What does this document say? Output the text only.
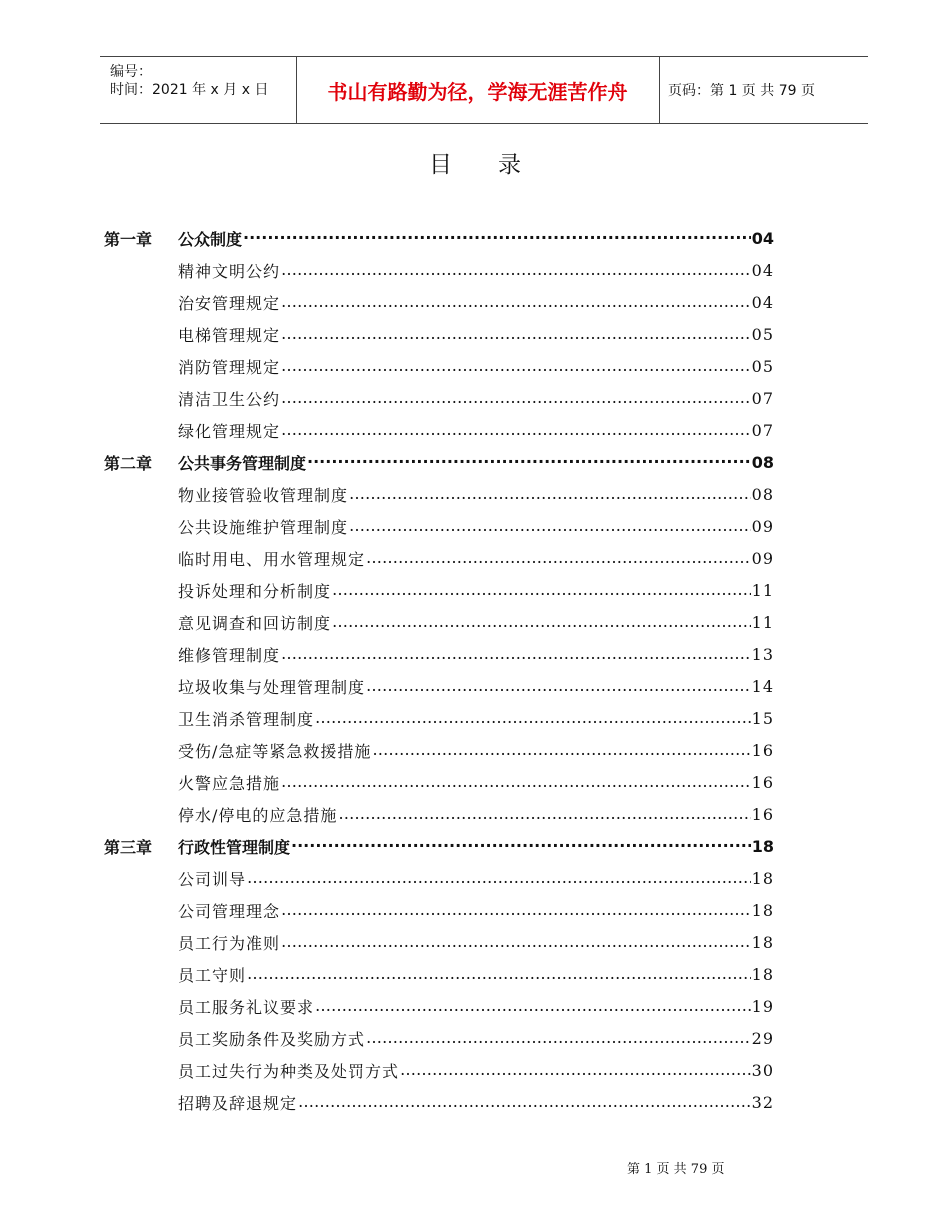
编号：
时间：2021 年 x 月 x 日	书山有路勤为径，学海无涯苦作舟	页码：第 1 页 共 79 页
目录
第一章	公众制度 ·····	04
精神文明公约 …………………………………………………………………………………………………………………………………………………………………………………………	04
治安管理规定 …………………………………………………………………………………………………………………………………………………………………………………………	04
电梯管理规定 …………………………………………………………………………………………………………………………………………………………………………………………	05
消防管理规定 …………………………………………………………………………………………………………………………………………………………………………………………	05
清洁卫生公约 …………………………………………………………………………………………………………………………………………………………………………………………	07
绿化管理规定 …………………………………………………………………………………………………………………………………………………………………………………………	07
第二章	公共事务管理制度 ·····	08
物业接管验收管理制度 …………………………………………………………………………………………………………………………………………………………………………………………	08
公共设施维护管理制度 …………………………………………………………………………………………………………………………………………………………………………………………	09
临时用电、用水管理规定 …………………………………………………………………………………………………………………………………………………………………………………………	09
投诉处理和分析制度 …………………………………………………………………………………………………………………………………………………………………………………………	11
意见调查和回访制度 …………………………………………………………………………………………………………………………………………………………………………………………	11
维修管理制度 …………………………………………………………………………………………………………………………………………………………………………………………	13
垃圾收集与处理管理制度 …………………………………………………………………………………………………………………………………………………………………………………………	14
卫生消杀管理制度 …………………………………………………………………………………………………………………………………………………………………………………………	15
受伤/急症等紧急救援措施 …………………………………………………………………………………………………………………………………………………………………………………………	16
火警应急措施 …………………………………………………………………………………………………………………………………………………………………………………………	16
停水/停电的应急措施 …………………………………………………………………………………………………………………………………………………………………………………………	16
第三章	行政性管理制度 ·····	18
公司训导 …………………………………………………………………………………………………………………………………………………………………………………………	18
公司管理理念 …………………………………………………………………………………………………………………………………………………………………………………………	18
员工行为准则 …………………………………………………………………………………………………………………………………………………………………………………………	18
员工守则 …………………………………………………………………………………………………………………………………………………………………………………………	18
员工服务礼议要求 …………………………………………………………………………………………………………………………………………………………………………………………	19
员工奖励条件及奖励方式 …………………………………………………………………………………………………………………………………………………………………………………………	29
员工过失行为种类及处罚方式 …………………………………………………………………………………………………………………………………………………………………………………………	30
招聘及辞退规定 …………………………………………………………………………………………………………………………………………………………………………………………	32
第 1 页 共 79 页
